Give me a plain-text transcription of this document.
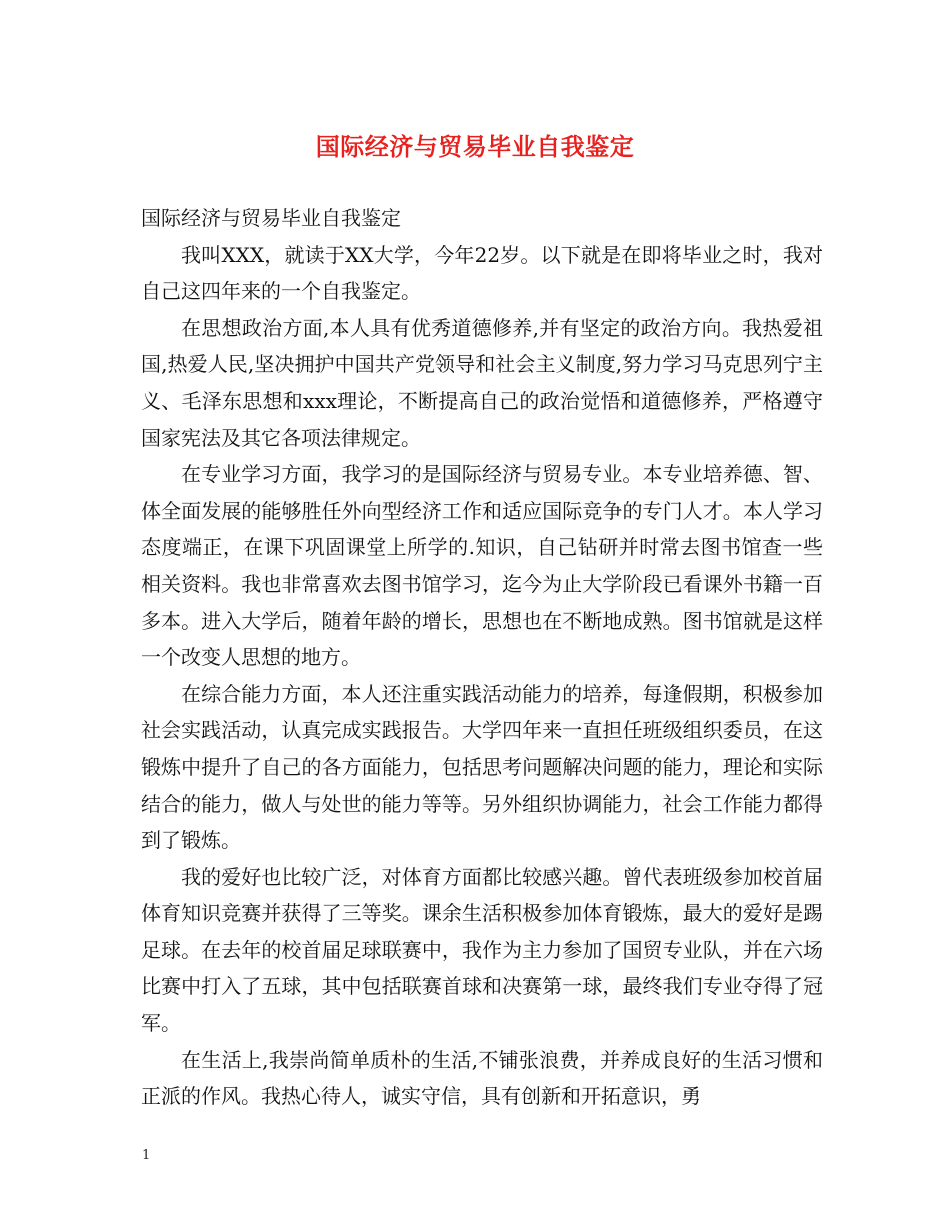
国际经济与贸易毕业自我鉴定

国际经济与贸易毕业自我鉴定

我叫XXX，就读于XX大学，今年22岁。以下就是在即将毕业之时，我对自己这四年来的一个自我鉴定。

在思想政治方面,本人具有优秀道德修养,并有坚定的政治方向。我热爱祖国,热爱人民,坚决拥护中国共产党领导和社会主义制度,努力学习马克思列宁主义、毛泽东思想和xxx理论，不断提高自己的政治觉悟和道德修养，严格遵守国家宪法及其它各项法律规定。

在专业学习方面，我学习的是国际经济与贸易专业。本专业培养德、智、体全面发展的能够胜任外向型经济工作和适应国际竞争的专门人才。本人学习态度端正，在课下巩固课堂上所学的.知识，自己钻研并时常去图书馆查一些相关资料。我也非常喜欢去图书馆学习，迄今为止大学阶段已看课外书籍一百多本。进入大学后，随着年龄的增长，思想也在不断地成熟。图书馆就是这样一个改变人思想的地方。

在综合能力方面，本人还注重实践活动能力的培养，每逢假期，积极参加社会实践活动，认真完成实践报告。大学四年来一直担任班级组织委员，在这锻炼中提升了自己的各方面能力，包括思考问题解决问题的能力，理论和实际结合的能力，做人与处世的能力等等。另外组织协调能力，社会工作能力都得到了锻炼。

我的爱好也比较广泛，对体育方面都比较感兴趣。曾代表班级参加校首届体育知识竞赛并获得了三等奖。课余生活积极参加体育锻炼，最大的爱好是踢足球。在去年的校首届足球联赛中，我作为主力参加了国贸专业队，并在六场比赛中打入了五球，其中包括联赛首球和决赛第一球，最终我们专业夺得了冠军。

在生活上,我崇尚简单质朴的生活,不铺张浪费，并养成良好的生活习惯和正派的作风。我热心待人，诚实守信，具有创新和开拓意识，勇

1
